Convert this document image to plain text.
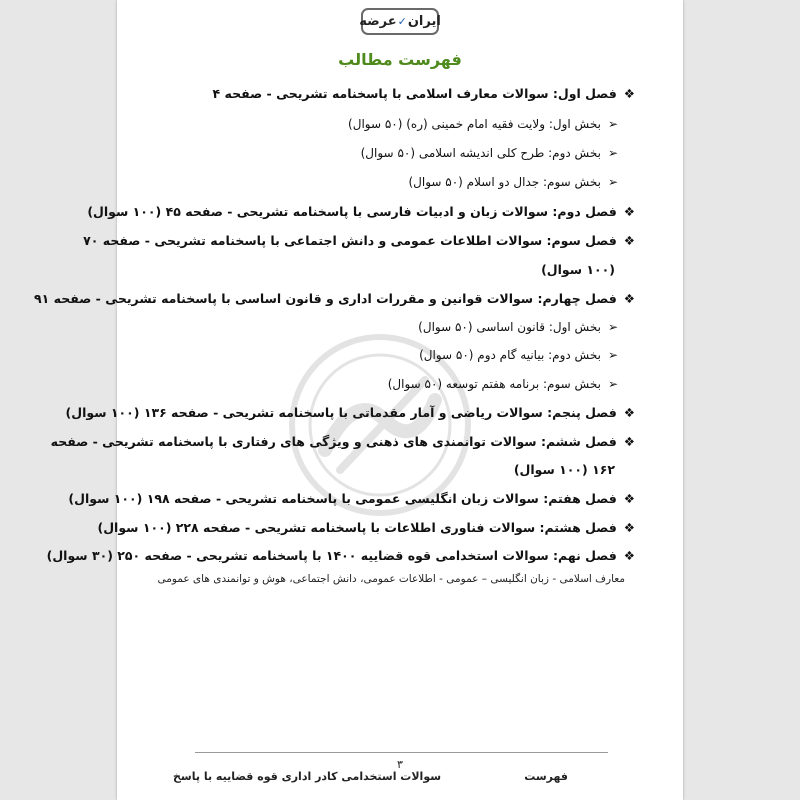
ایران
✓
عرضه
فهرست مطالب
❖فصل اول: سوالات معارف اسلامی با پاسخنامه تشریحی - صفحه ۴
➢بخش اول: ولایت فقیه امام خمینی (ره) (۵۰ سوال)
➢بخش دوم: طرح کلی اندیشه اسلامی (۵۰ سوال)
➢بخش سوم: جدال دو اسلام (۵۰ سوال)
❖فصل دوم: سوالات زبان و ادبیات فارسی با پاسخنامه تشریحی - صفحه ۴۵ (۱۰۰ سوال)
❖فصل سوم: سوالات اطلاعات عمومی و دانش اجتماعی با پاسخنامه تشریحی - صفحه ۷۰
(۱۰۰ سوال)
❖فصل چهارم: سوالات قوانین و مقررات اداری و قانون اساسی با پاسخنامه تشریحی - صفحه ۹۱
➢بخش اول: قانون اساسی (۵۰ سوال)
➢بخش دوم: بیانیه گام دوم (۵۰ سوال)
➢بخش سوم: برنامه هفتم توسعه (۵۰ سوال)
❖فصل پنجم: سوالات ریاضی و آمار مقدماتی با پاسخنامه تشریحی - صفحه ۱۳۶ (۱۰۰ سوال)
❖فصل ششم: سوالات توانمندی های ذهنی و ویژگی های رفتاری با پاسخنامه تشریحی - صفحه
۱۶۲ (۱۰۰ سوال)
❖فصل هفتم: سوالات زبان انگلیسی عمومی با پاسخنامه تشریحی - صفحه ۱۹۸ (۱۰۰ سوال)
❖فصل هشتم: سوالات فناوری اطلاعات با پاسخنامه تشریحی - صفحه ۲۲۸ (۱۰۰ سوال)
❖فصل نهم: سوالات استخدامی قوه قضاییه ۱۴۰۰ با پاسخنامه تشریحی - صفحه ۲۵۰ (۳۰ سوال)
معارف اسلامی - زبان انگلیسی – عمومی - اطلاعات عمومی، دانش اجتماعی، هوش و توانمندی های عمومی
۳
فهرست
سوالات استخدامی کادر اداری قوه قضاییه با پاسخ
